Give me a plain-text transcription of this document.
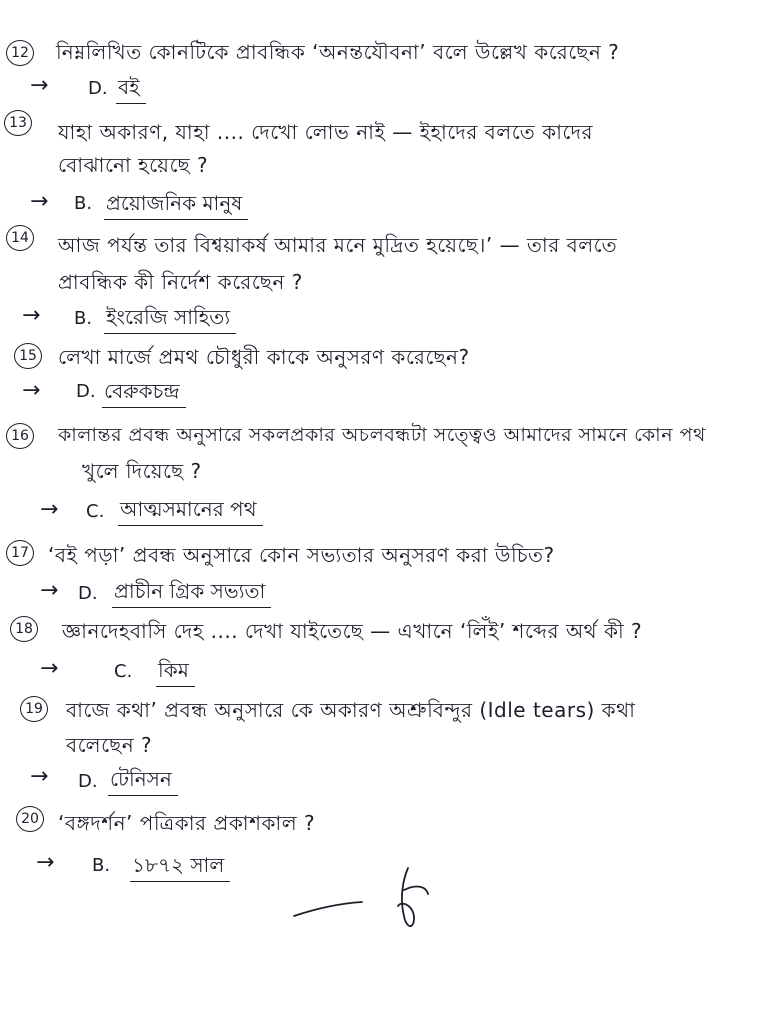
12 নিম্নলিখিত কোনটিকে প্রাবন্ধিক ‘অনন্তযৌবনা’ বলে উল্লেখ করেছেন ?
→ D. বই
13 যাহা অকারণ, যাহা .... দেখো লোভ নাই — ইহাদের বলতে কাদের
বোঝানো হয়েছে ?
→ B. প্রয়োজনিক মানুষ
14 আজ পর্যন্ত তার বিশ্বয়াকর্ষ আমার মনে মুদ্রিত হয়েছে।’ — তার বলতে
প্রাবন্ধিক কী নির্দেশ করেছেন ?
→ B. ইংরেজি সাহিত্য
15 লেখা মার্জে প্রমথ চৌধুরী কাকে অনুসরণ করেছেন?
→ D. বেরুকচন্দ্র
16 কালান্তর প্রবন্ধ অনুসারে সকলপ্রকার অচলবন্ধটা সত্ত্বেও আমাদের সামনে কোন পথ
খুলে দিয়েছে ?
→ C. আত্মসমানের পথ
17 ‘বই পড়া’ প্রবন্ধ অনুসারে কোন সভ্যতার অনুসরণ করা উচিত?
→ D. প্রাচীন গ্রিক সভ্যতা
18 জ্ঞানদেহবাসি দেহ .... দেখা যাইতেছে — এখানে ‘লিঁই’ শব্দের অর্থ কী ?
→	C. কিম
19 বাজে কথা’ প্রবন্ধ অনুসারে কে অকারণ অশ্রুবিন্দুর (Idle tears) কথা
বলেছেন ?
→ D. টেনিসন
20 ‘বঙ্গদর্শন’ পত্রিকার প্রকাশকাল ?
→ B. ১৮৭২ সাল
